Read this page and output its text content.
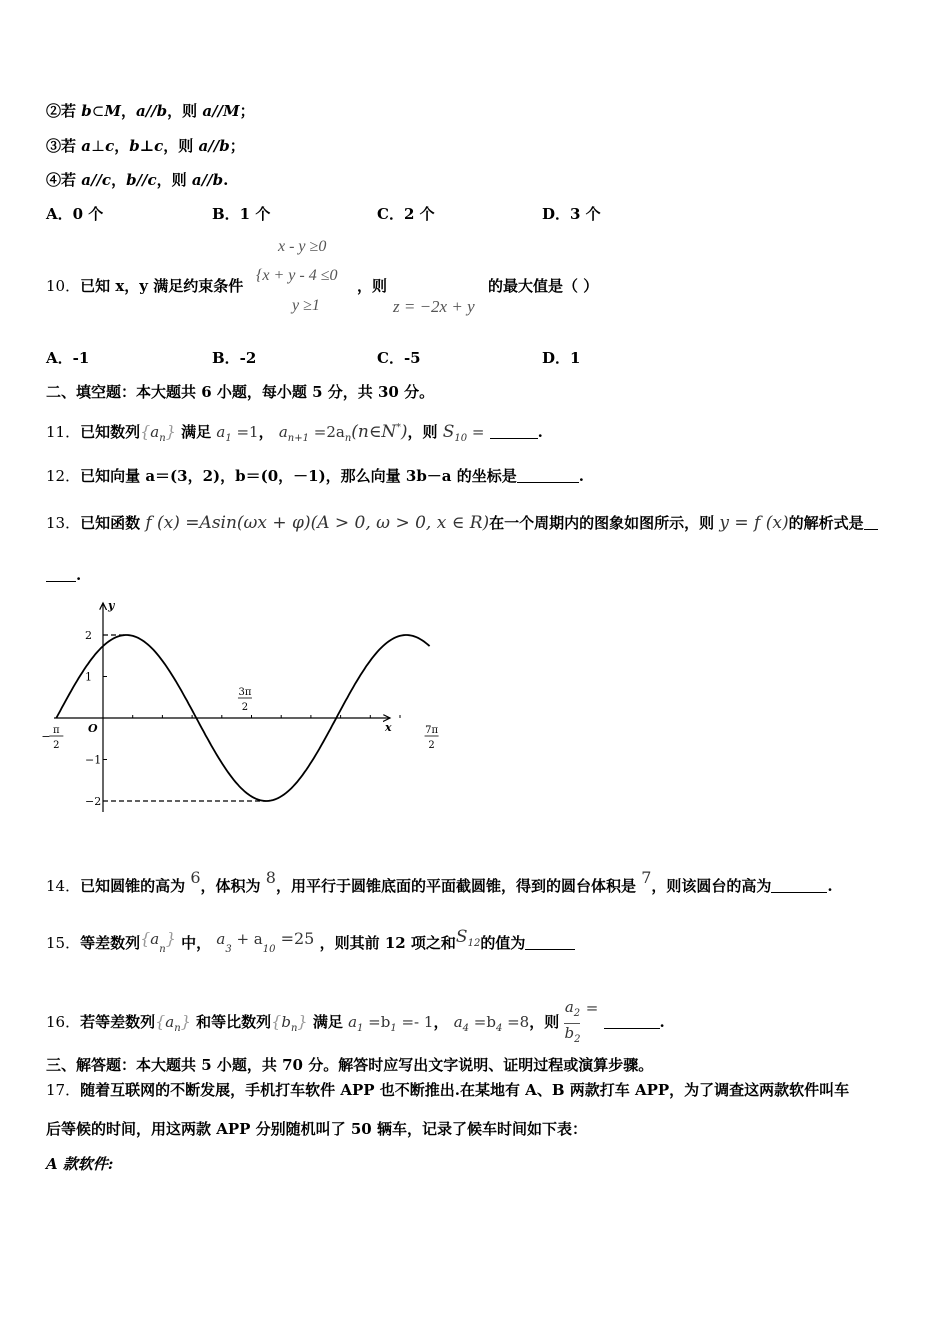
②若 b⊂M，a//b，则 a//M；
③若 a⊥c，b⊥c，则 a//b；
④若 a//c，b//c，则 a//b.
A．0 个	B．1 个	C．2 个	D．3 个
x - y ≥0
10．已知 x，y 满足约束条件
{x + y - 4 ≤0
，则	的最大值是（ ）
y ≥1	z = −2x + y
A．-1	B．-2	C．-5	D．1
二、填空题：本大题共 6 小题，每小题 5 分，共 30 分。
11．已知数列$\{a_n\}$ 满足 $a_1 =1$， $a_{n+1}$ $=2a_n(n\in N^*)$，则 $S_{10}$ =	.
12．已知向量 a＝(3，2)，b＝(0，－1)，那么向量 3b－a 的坐标是	.
13．已知函数 f (x) =Asin(ωx + φ)(A > 0, ω > 0, x ∈ R)在一个周期内的图象如图所示，则 y = f (x)的解析式是
.
x
y
O
2
1
−1
−2
− π
2
3π
2
7π
2
14．已知圆锥的高为 6，体积为 8，用平行于圆锥底面的平面截圆锥，得到的圆台体积是 7，则该圆台的高为	.
15．等差数列$\{a_n\}$ 中， $a_3 + a_{10} =25$ ，则其前 12 项之和$S^{12}$的值为
16．若等差数列$\{a_n\}$ 和等比数列$\{b_n\}$ 满足 $a_1 =b_1 =- 1$， $a_4 =b_4 =8$，则 $\frac{a_2}{b_2}$ = .
三、解答题：本大题共 5 小题，共 70 分。解答时应写出文字说明、证明过程或演算步骤。
17．随着互联网的不断发展，手机打车软件 APP 也不断推出.在某地有 A、B 两款打车 APP，为了调查这两款软件叫车
后等候的时间，用这两款 APP 分别随机叫了 50 辆车，记录了候车时间如下表：
A 款软件:
